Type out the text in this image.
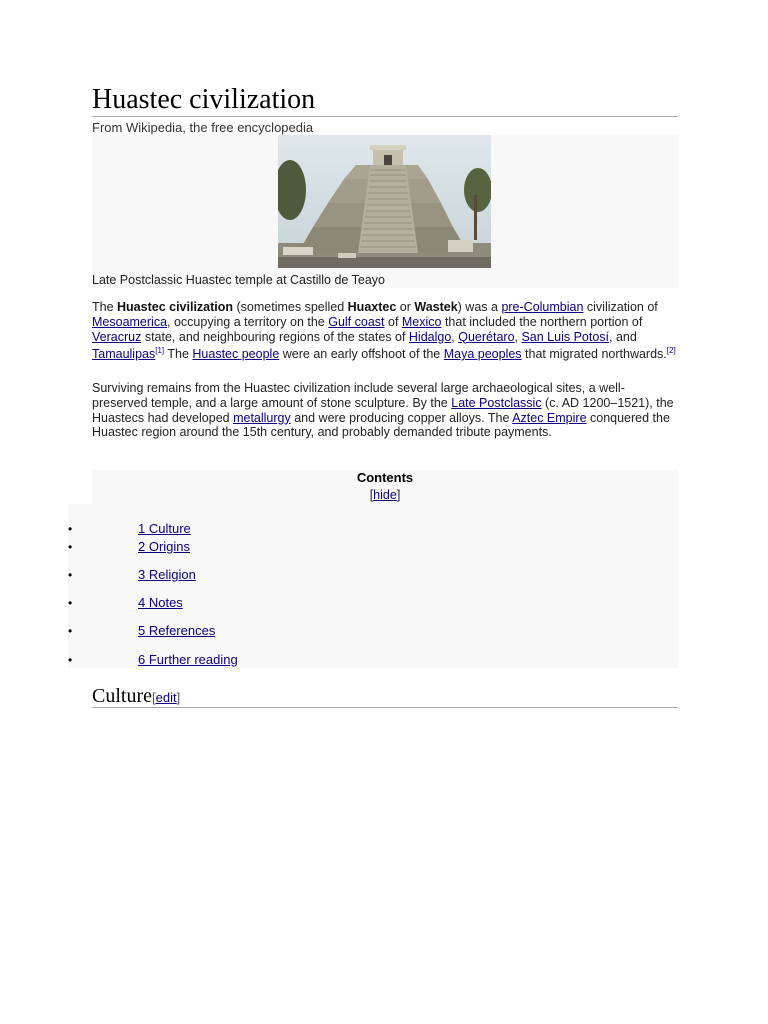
Huastec civilization
From Wikipedia, the free encyclopedia
Late Postclassic Huastec temple at Castillo de Teayo

The Huastec civilization (sometimes spelled Huaxtec or Wastek) was a pre-Columbian civilization of Mesoamerica, occupying a territory on the Gulf coast of Mexico that included the northern portion of Veracruz state, and neighbouring regions of the states of Hidalgo, Querétaro, San Luis Potosí, and Tamaulipas[1] The Huastec people were an early offshoot of the Maya peoples that migrated northwards.[2]

Surviving remains from the Huastec civilization include several large archaeological sites, a well-preserved temple, and a large amount of stone sculpture. By the Late Postclassic (c. AD 1200–1521), the Huastecs had developed metallurgy and were producing copper alloys. The Aztec Empire conquered the Huastec region around the 15th century, and probably demanded tribute payments.

Contents
[hide]
•	1 Culture
•	2 Origins
•	3 Religion
•	4 Notes
•	5 References
•	6 Further reading
Culture[edit]
